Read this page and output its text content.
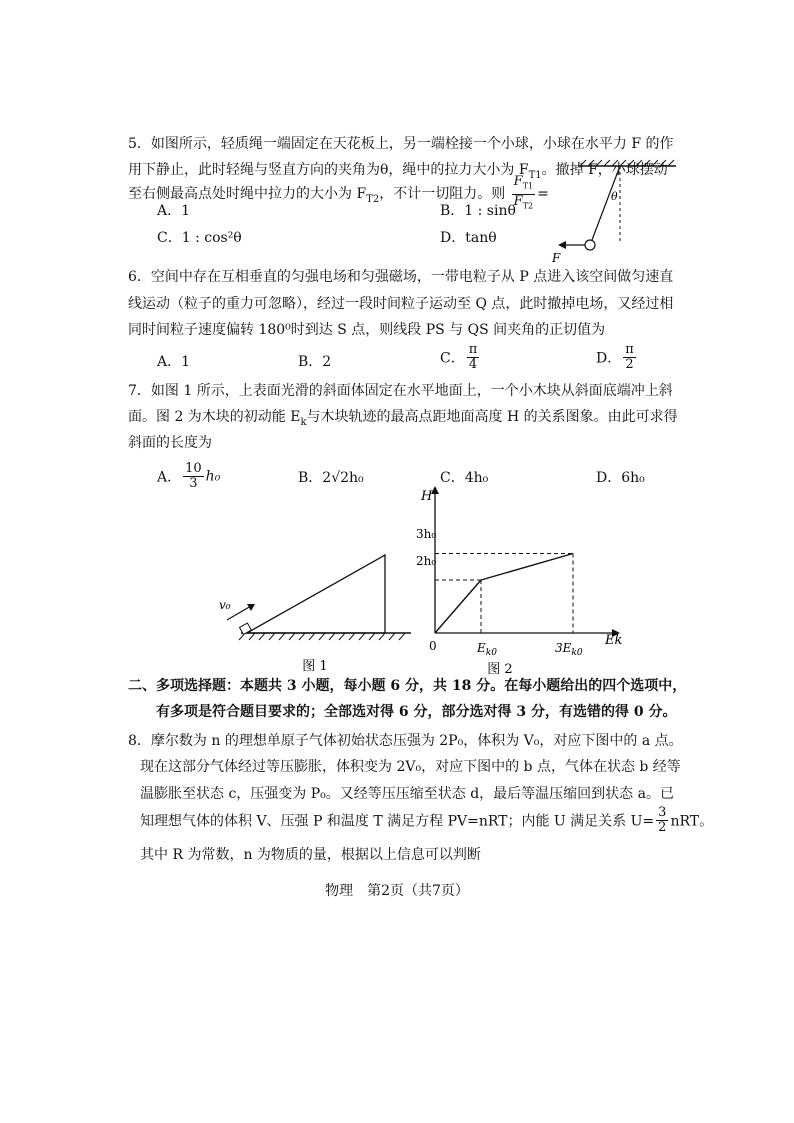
5．如图所示，轻质绳一端固定在天花板上，另一端栓接一个小球，小球在水平力 F 的作
用下静止，此时轻绳与竖直方向的夹角为θ，绳中的拉力大小为 $F_{T1}$。撤掉 F，小球摆动
至右侧最高点处时绳中拉力的大小为 $F_{T2}$，不计一切阻力。则 $\frac{F_{T1}}{F_{T2}}$ =
A．1	B．1 : sinθ
C．1 : cos²θ	D．tanθ
θ
F
6．空间中存在互相垂直的匀强电场和匀强磁场，一带电粒子从 P 点进入该空间做匀速直
线运动（粒子的重力可忽略），经过一段时间粒子运动至 Q 点，此时撤掉电场，又经过相
同时间粒子速度偏转 180⁰时到达 S 点，则线段 PS 与 QS 间夹角的正切值为
A．1	B．2	C． $\frac{\pi}{4}$	D． $\frac{\pi}{2}$
7．如图 1 所示，上表面光滑的斜面体固定在水平地面上，一个小木块从斜面底端冲上斜
面。图 2 为木块的初动能 $E_k$与木块轨迹的最高点距地面高度 H 的关系图象。由此可求得
斜面的长度为
A． $\frac{10}{3} h_0$	B．2√2h₀	C．4h₀	D．6h₀
v₀
图 1
H
Ek
0
3h₀
2h₀
$E_{k0}$	$3E_{k0}$
图 2
二、多项选择题：本题共 3 小题，每小题 6 分，共 18 分。在每小题给出的四个选项中，
有多项是符合题目要求的；全部选对得 6 分，部分选对得 3 分，有选错的得 0 分。
8．摩尔数为 n 的理想单原子气体初始状态压强为 2P₀，体积为 V₀，对应下图中的 a 点。
现在这部分气体经过等压膨胀，体积变为 2V₀，对应下图中的 b 点，气体在状态 b 经等
温膨胀至状态 c，压强变为 P₀。又经等压压缩至状态 d，最后等温压缩回到状态 a。已
知理想气体的体积 V、压强 P 和温度 T 满足方程 PV=nRT；内能 U 满足关系 $U= \frac{3}{2}$ nRT。
其中 R 为常数，n 为物质的量，根据以上信息可以判断
物理　第2页（共7页）
